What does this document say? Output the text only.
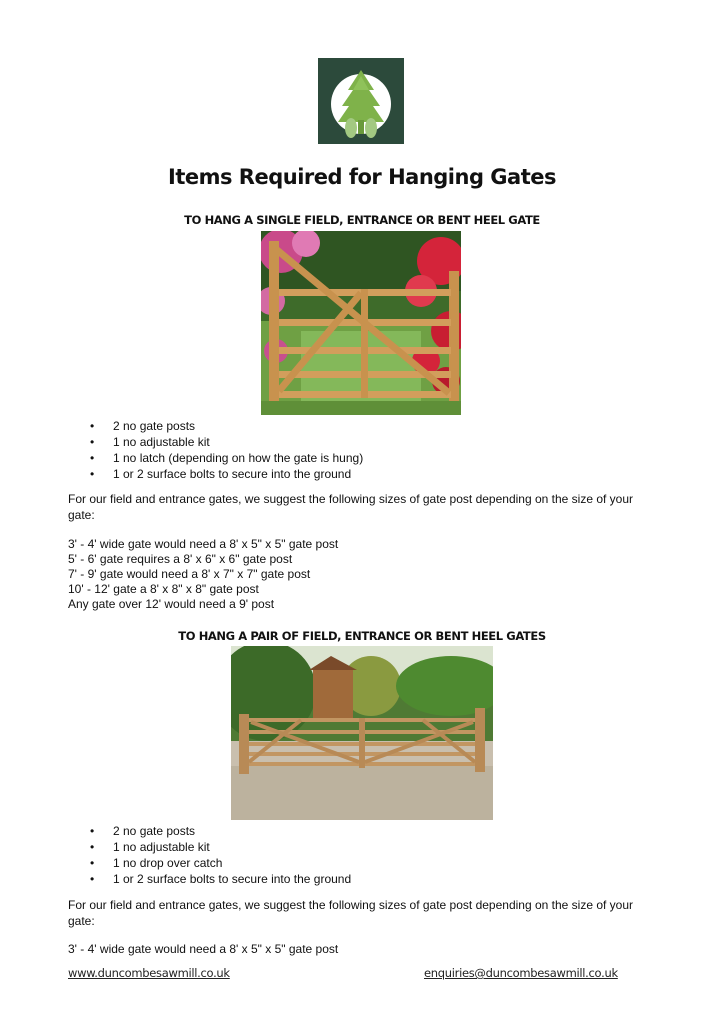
Items Required for Hanging Gates
TO HANG A SINGLE FIELD, ENTRANCE OR BENT HEEL GATE
• 2 no gate posts
• 1 no adjustable kit
• 1 no latch (depending on how the gate is hung)
• 1 or 2 surface bolts to secure into the ground

For our field and entrance gates, we suggest the following sizes of gate post depending on the size of your gate:

3' - 4' wide gate would need a 8' x 5" x 5" gate post
5' - 6' gate requires a 8' x 6" x 6" gate post
7' - 9' gate would need a 8' x 7" x 7" gate post
10' - 12' gate a 8' x 8" x 8" gate post
Any gate over 12' would need a 9' post
TO HANG A PAIR OF FIELD, ENTRANCE OR BENT HEEL GATES
• 2 no gate posts
• 1 no adjustable kit
• 1 no drop over catch
• 1 or 2 surface bolts to secure into the ground

For our field and entrance gates, we suggest the following sizes of gate post depending on the size of your gate:

3' - 4' wide gate would need a 8' x 5" x 5" gate post
www.duncombesawmill.co.uk	enquiries@duncombesawmill.co.uk
